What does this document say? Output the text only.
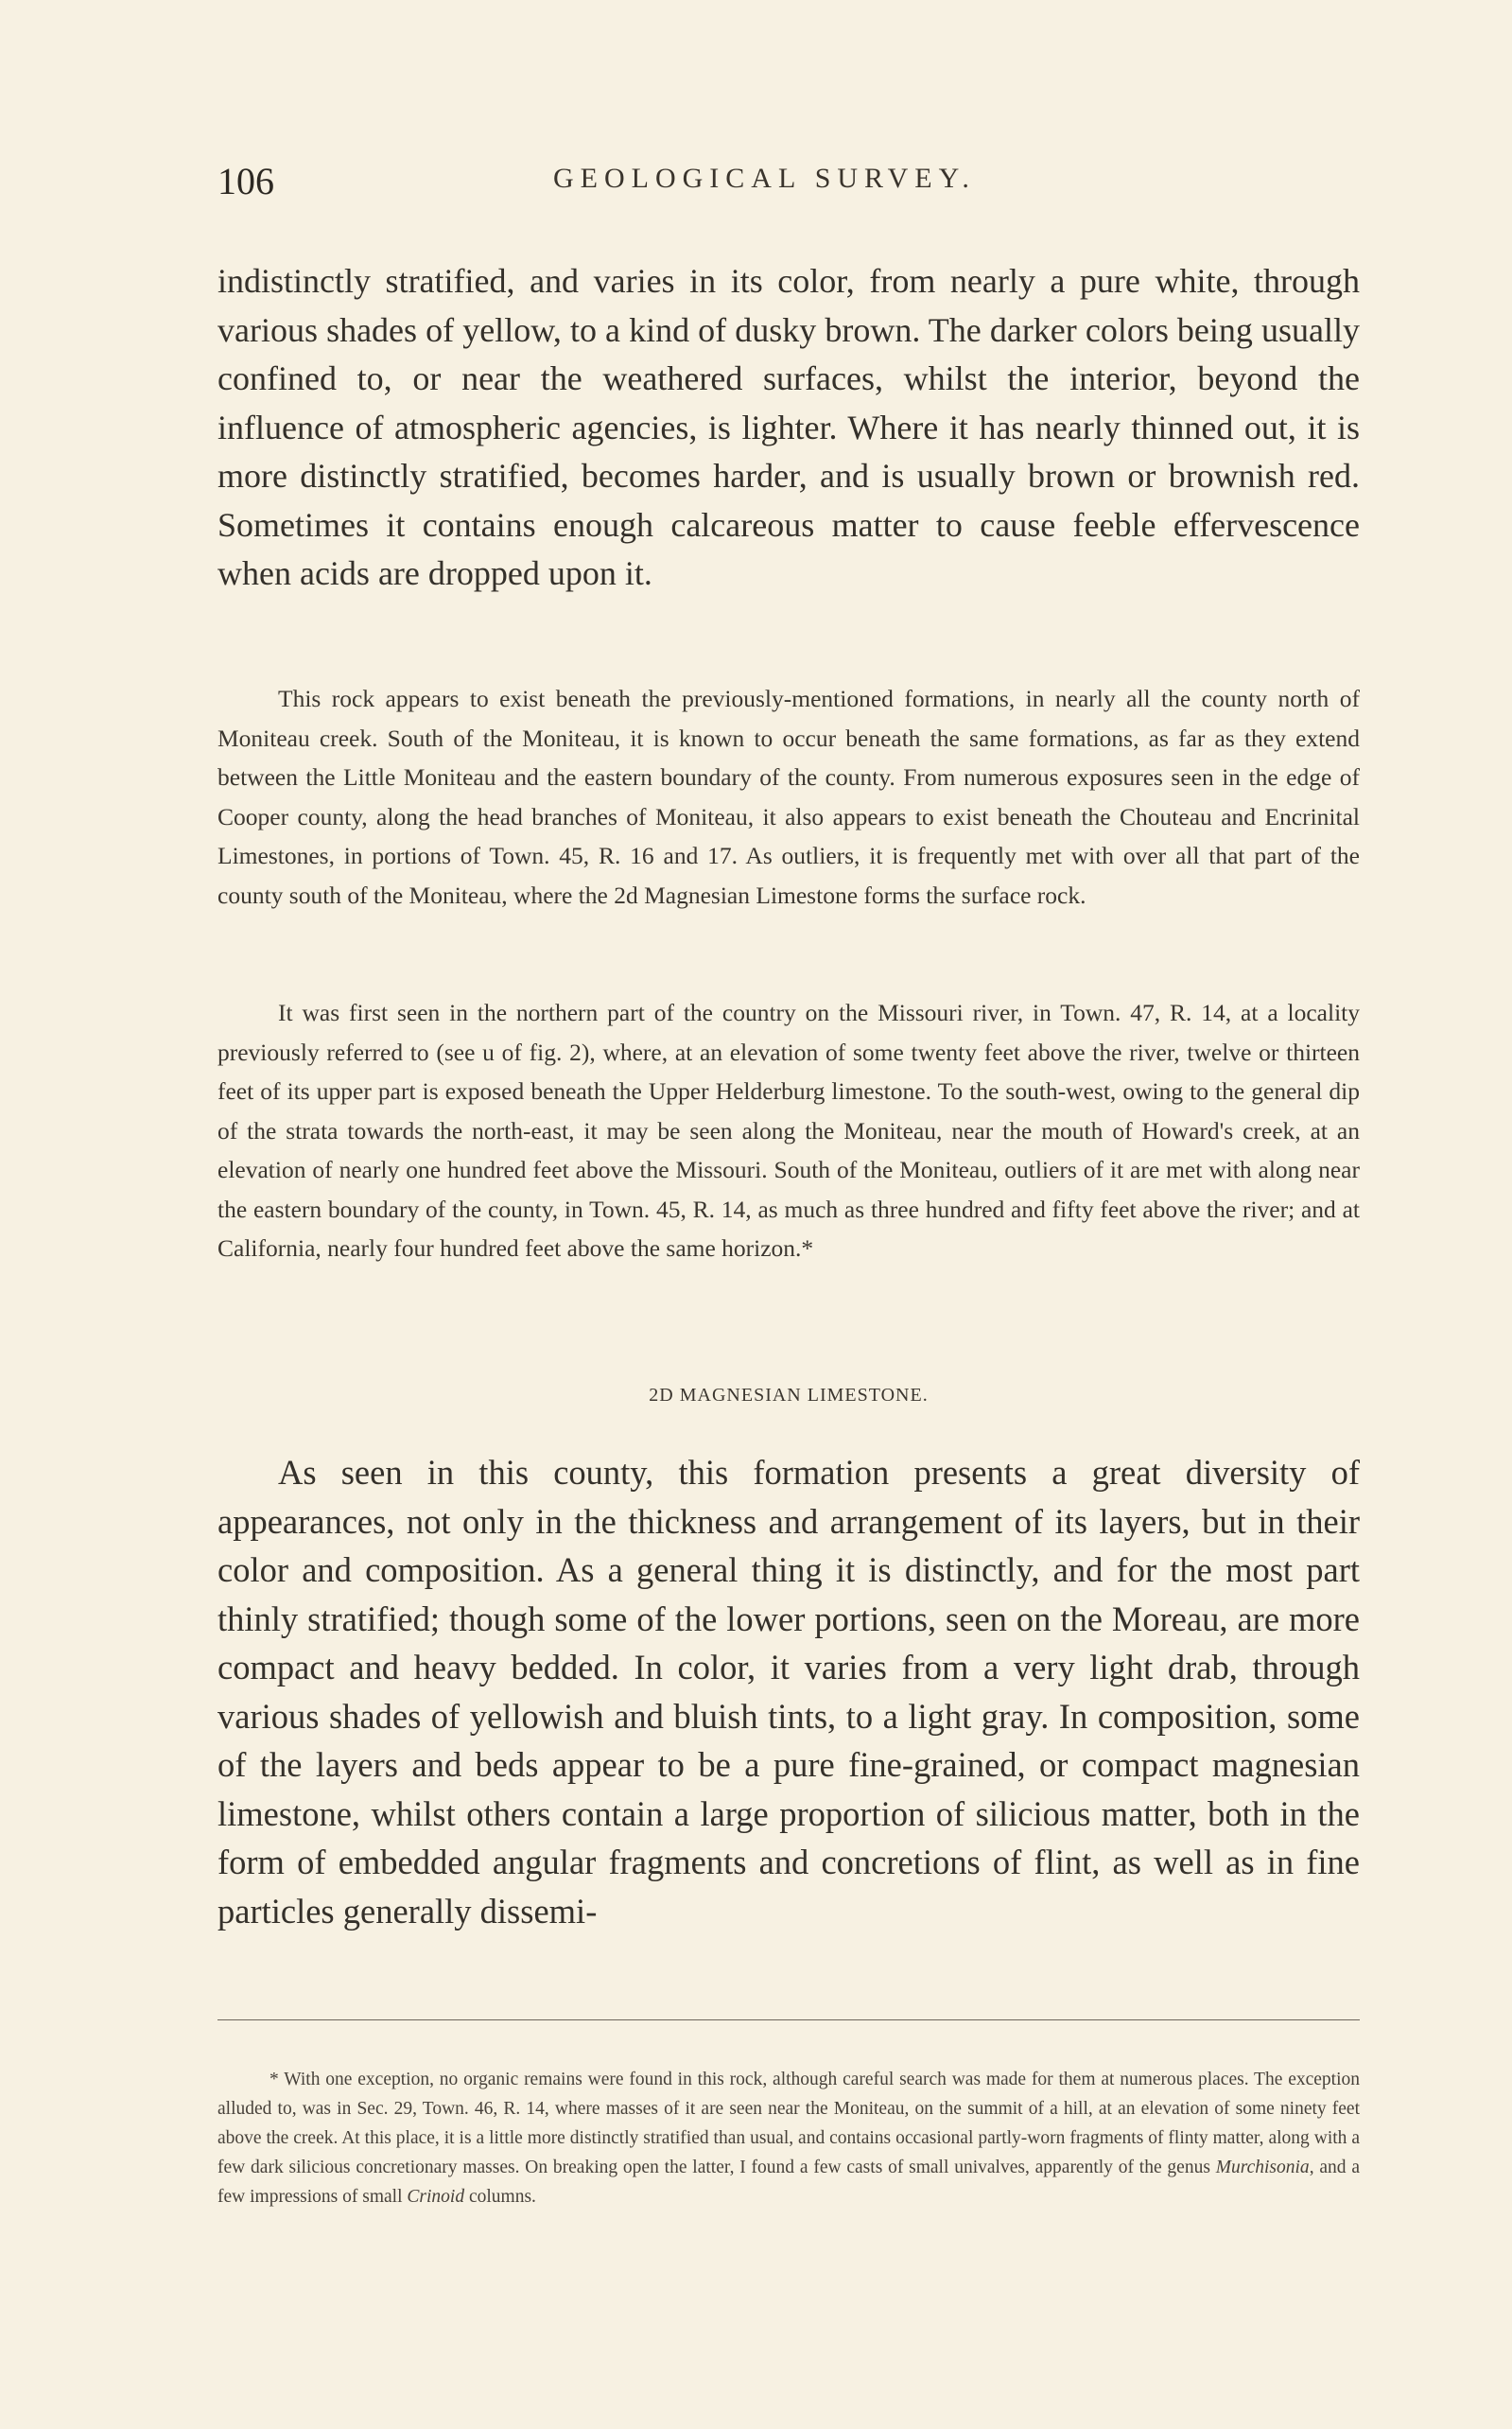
106	GEOLOGICAL SURVEY.

indistinctly stratified, and varies in its color, from nearly a pure white, through various shades of yellow, to a kind of dusky brown. The darker colors being usually confined to, or near the weathered surfaces, whilst the interior, beyond the influence of atmospheric agencies, is lighter. Where it has nearly thinned out, it is more distinctly stratified, becomes harder, and is usually brown or brownish red. Sometimes it contains enough calcareous matter to cause feeble effervescence when acids are dropped upon it.

This rock appears to exist beneath the previously-mentioned formations, in nearly all the county north of Moniteau creek. South of the Moniteau, it is known to occur beneath the same formations, as far as they extend between the Little Moniteau and the eastern boundary of the county. From numerous exposures seen in the edge of Cooper county, along the head branches of Moniteau, it also appears to exist beneath the Chouteau and Encrinital Limestones, in portions of Town. 45, R. 16 and 17. As outliers, it is frequently met with over all that part of the county south of the Moniteau, where the 2d Magnesian Limestone forms the surface rock.

It was first seen in the northern part of the country on the Missouri river, in Town. 47, R. 14, at a locality previously referred to (see u of fig. 2), where, at an elevation of some twenty feet above the river, twelve or thirteen feet of its upper part is exposed beneath the Upper Helderburg limestone. To the south-west, owing to the general dip of the strata towards the north-east, it may be seen along the Moniteau, near the mouth of Howard's creek, at an elevation of nearly one hundred feet above the Missouri. South of the Moniteau, outliers of it are met with along near the eastern boundary of the county, in Town. 45, R. 14, as much as three hundred and fifty feet above the river; and at California, nearly four hundred feet above the same horizon.*

2D MAGNESIAN LIMESTONE.

As seen in this county, this formation presents a great diversity of appearances, not only in the thickness and arrangement of its layers, but in their color and composition. As a general thing it is distinctly, and for the most part thinly stratified; though some of the lower portions, seen on the Moreau, are more compact and heavy bedded. In color, it varies from a very light drab, through various shades of yellowish and bluish tints, to a light gray. In composition, some of the layers and beds appear to be a pure fine-grained, or compact magnesian limestone, whilst others contain a large proportion of silicious matter, both in the form of embedded angular fragments and concretions of flint, as well as in fine particles generally dissemi-

* With one exception, no organic remains were found in this rock, although careful search was made for them at numerous places. The exception alluded to, was in Sec. 29, Town. 46, R. 14, where masses of it are seen near the Moniteau, on the summit of a hill, at an elevation of some ninety feet above the creek. At this place, it is a little more distinctly stratified than usual, and contains occasional partly-worn fragments of flinty matter, along with a few dark silicious concretionary masses. On breaking open the latter, I found a few casts of small univalves, apparently of the genus Murchisonia, and a few impressions of small Crinoid columns.
